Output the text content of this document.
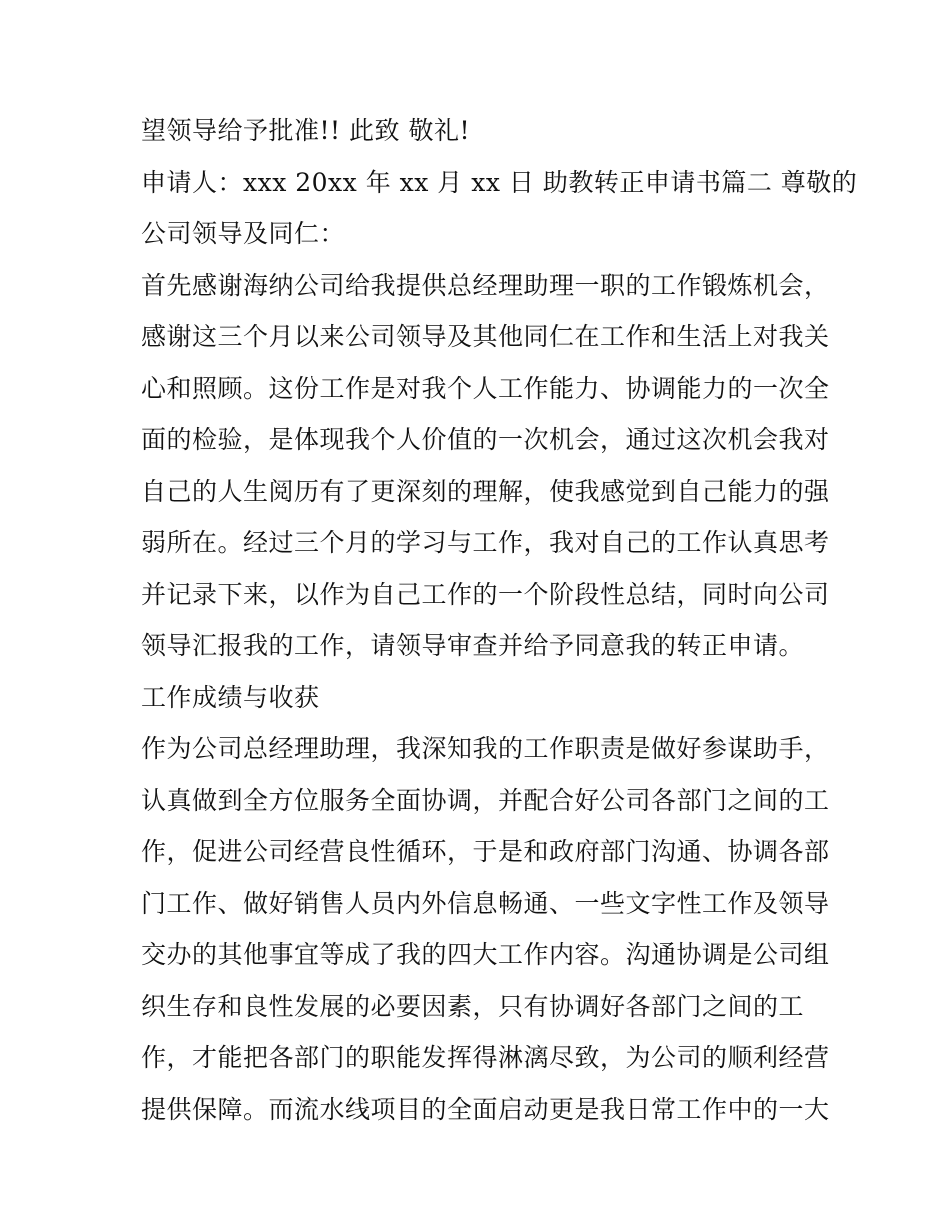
望领导给予批准!! 此致 敬礼!
申请人：xxx 20xx 年 xx 月 xx 日 助教转正申请书篇二 尊敬的
公司领导及同仁：
首先感谢海纳公司给我提供总经理助理一职的工作锻炼机会，
感谢这三个月以来公司领导及其他同仁在工作和生活上对我关
心和照顾。这份工作是对我个人工作能力、协调能力的一次全
面的检验，是体现我个人价值的一次机会，通过这次机会我对
自己的人生阅历有了更深刻的理解，使我感觉到自己能力的强
弱所在。经过三个月的学习与工作，我对自己的工作认真思考
并记录下来，以作为自己工作的一个阶段性总结，同时向公司
领导汇报我的工作，请领导审查并给予同意我的转正申请。
工作成绩与收获
作为公司总经理助理，我深知我的工作职责是做好参谋助手，
认真做到全方位服务全面协调，并配合好公司各部门之间的工
作，促进公司经营良性循环，于是和政府部门沟通、协调各部
门工作、做好销售人员内外信息畅通、一些文字性工作及领导
交办的其他事宜等成了我的四大工作内容。沟通协调是公司组
织生存和良性发展的必要因素，只有协调好各部门之间的工
作，才能把各部门的职能发挥得淋漓尽致，为公司的顺利经营
提供保障。而流水线项目的全面启动更是我日常工作中的一大
